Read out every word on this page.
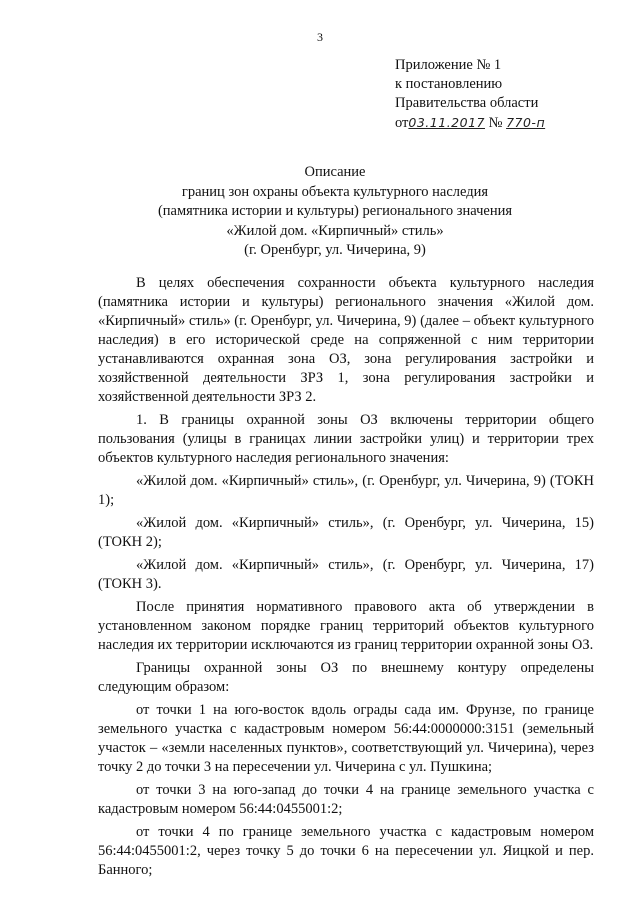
3
Приложение № 1
к постановлению
Правительства области
от03.11.2017 № 770-п
Описание
границ зон охраны объекта культурного наследия
(памятника истории и культуры) регионального значения
«Жилой дом. «Кирпичный» стиль»
(г. Оренбург, ул. Чичерина, 9)

В целях обеспечения сохранности объекта культурного наследия (памятника истории и культуры) регионального значения «Жилой дом. «Кирпичный» стиль» (г. Оренбург, ул. Чичерина, 9) (далее – объект культурного наследия) в его исторической среде на сопряженной с ним территории устанавливаются охранная зона ОЗ, зона регулирования застройки и хозяйственной деятельности ЗРЗ 1, зона регулирования застройки и хозяйственной деятельности ЗРЗ 2.

1. В границы охранной зоны ОЗ включены территории общего пользования (улицы в границах линии застройки улиц) и территории трех объектов культурного наследия регионального значения:

«Жилой дом. «Кирпичный» стиль», (г. Оренбург, ул. Чичерина, 9) (ТОКН 1);

«Жилой дом. «Кирпичный» стиль», (г. Оренбург, ул. Чичерина, 15) (ТОКН 2);

«Жилой дом. «Кирпичный» стиль», (г. Оренбург, ул. Чичерина, 17) (ТОКН 3).

После принятия нормативного правового акта об утверждении в установленном законом порядке границ территорий объектов культурного наследия их территории исключаются из границ территории охранной зоны ОЗ.

Границы охранной зоны ОЗ по внешнему контуру определены следующим образом:

от точки 1 на юго-восток вдоль ограды сада им. Фрунзе, по границе земельного участка с кадастровым номером 56:44:0000000:3151 (земельный участок – «земли населенных пунктов», соответствующий ул. Чичерина), через точку 2 до точки 3 на пересечении ул. Чичерина с ул. Пушкина;

от точки 3 на юго-запад до точки 4 на границе земельного участка с кадастровым номером 56:44:0455001:2;

от точки 4 по границе земельного участка с кадастровым номером 56:44:0455001:2, через точку 5 до точки 6 на пересечении ул. Яицкой и пер. Банного;
